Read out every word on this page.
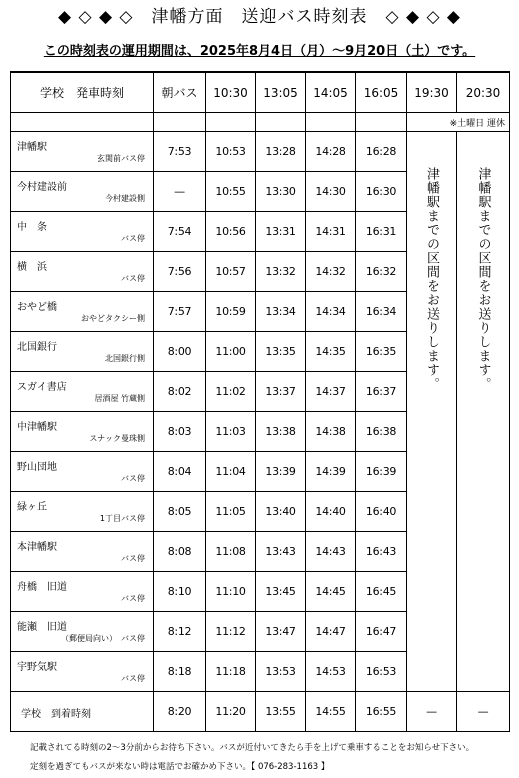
◆ ◇ ◆ ◇　津幡方面　送迎バス時刻表　◇ ◆ ◇ ◆
この時刻表の運用期間は、2025年8月4日（月）～9月20日（土）です。
学校　発車時刻	朝バス	10:30	13:05	14:05	16:05	19:30	20:30
						※土曜日 運休	

津幡駅
玄関前バス停	7:53	10:53	13:28	14:28	16:28	津幡駅までの区間をお送りします。	津幡駅までの区間をお送りします。

今村建設前
今村建設側	—	10:55	13:30	14:30	16:30		

中　条
バス停	7:54	10:56	13:31	14:31	16:31		

横　浜
バス停	7:56	10:57	13:32	14:32	16:32		

おやど橋
おやどタクシー側	7:57	10:59	13:34	14:34	16:34		

北国銀行
北国銀行側	8:00	11:00	13:35	14:35	16:35		

スガイ書店
居酒屋 竹蔵側	8:02	11:02	13:37	14:37	16:37		

中津幡駅
スナック曼珠側	8:03	11:03	13:38	14:38	16:38		

野山団地
バス停	8:04	11:04	13:39	14:39	16:39		

緑ヶ丘
1丁目バス停	8:05	11:05	13:40	14:40	16:40		

本津幡駅
バス停	8:08	11:08	13:43	14:43	16:43		

舟橋　旧道
バス停	8:10	11:10	13:45	14:45	16:45		

能瀬　旧道
（郵便局向い）　バス停	8:12	11:12	13:47	14:47	16:47		

宇野気駅
バス停	8:18	11:18	13:53	14:53	16:53		

学校　到着時刻	8:20	11:20	13:55	14:55	16:55	—	—
記載されてる時刻の2～3分前からお待ち下さい。バスが近付いてきたら手を上げて乗車することをお知らせ下さい。
定刻を過ぎてもバスが来ない時は電話でお確かめ下さい。【 076-283-1163 】
